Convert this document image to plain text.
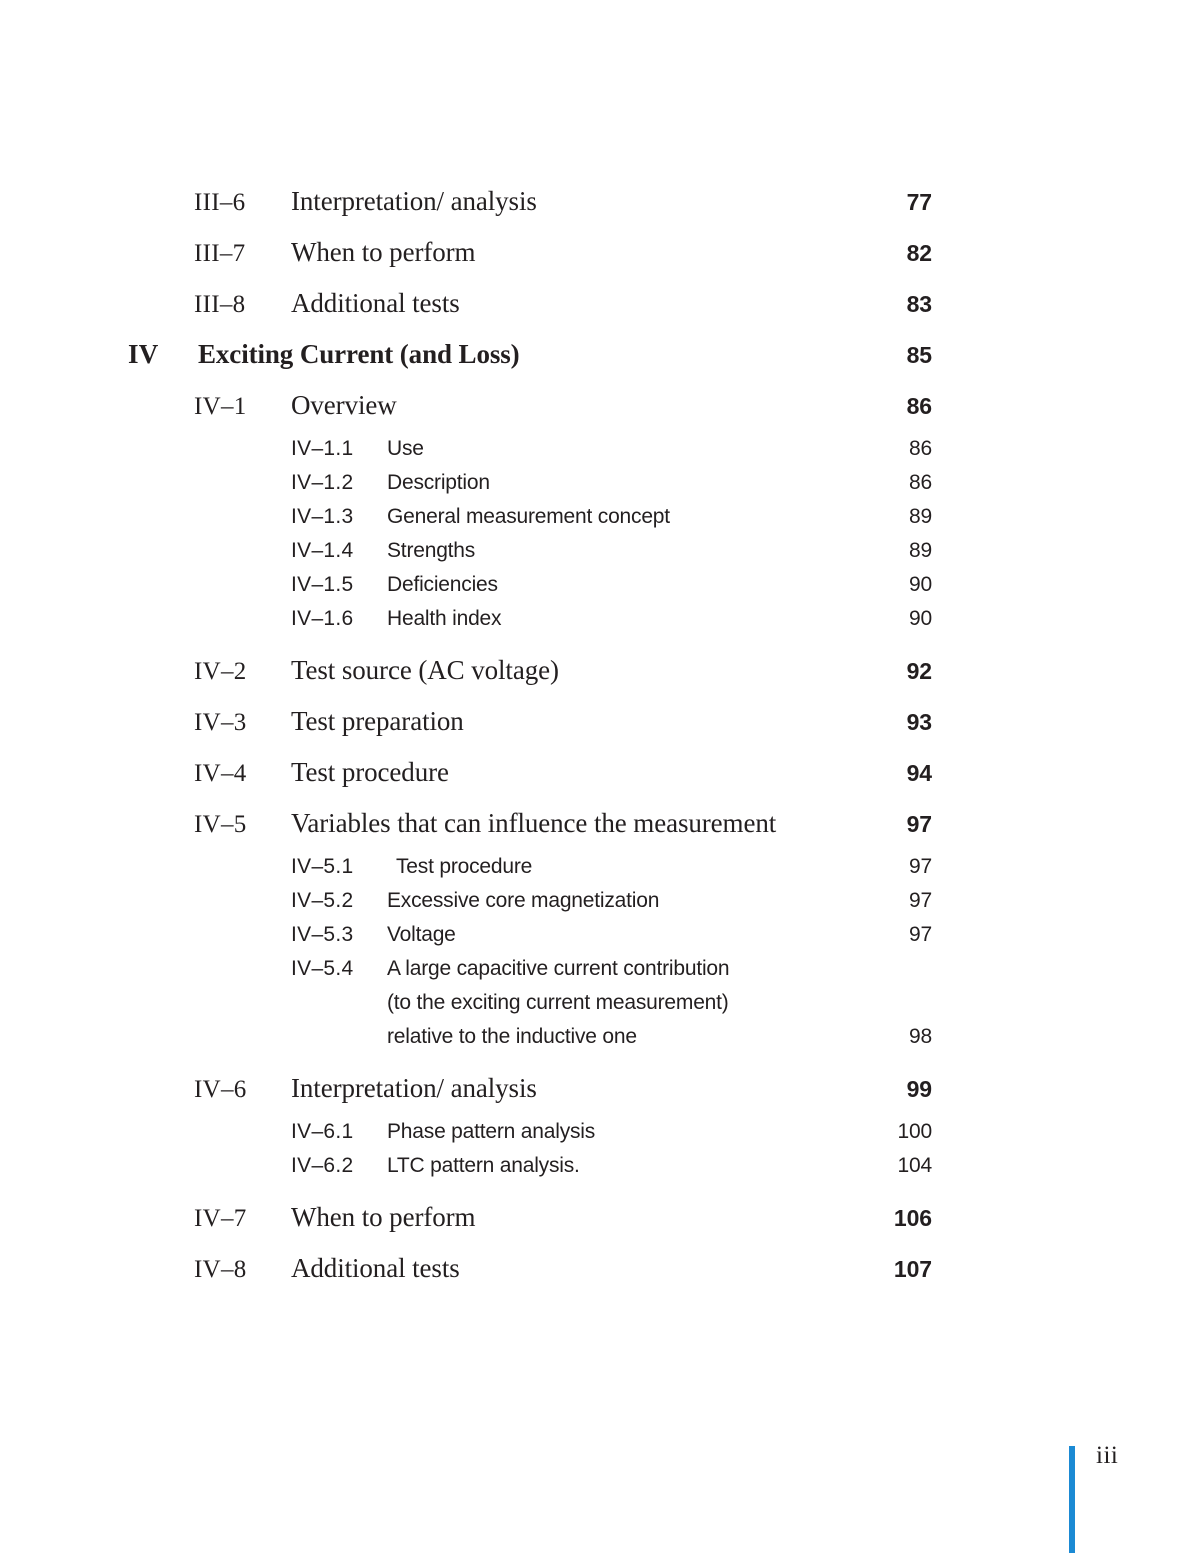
III–6	Interpretation/ analysis	77
III–7	When to perform	82
III–8	Additional tests	83
IV	Exciting Current (and Loss)	85
IV–1	Overview	86
IV–1.1	Use	86
IV–1.2	Description	86
IV–1.3	General measurement concept	89
IV–1.4	Strengths	89
IV–1.5	Deficiencies	90
IV–1.6	Health index	90
IV–2	Test source (AC voltage)	92
IV–3	Test preparation	93
IV–4	Test procedure	94
IV–5	Variables that can influence the measurement	97
IV–5.1	Test procedure	97
IV–5.2	Excessive core magnetization	97
IV–5.3	Voltage	97
IV–5.4	A large capacitive current contribution
(to the exciting current measurement)
relative to the inductive one	98
IV–6	Interpretation/ analysis	99
IV–6.1	Phase pattern analysis	100
IV–6.2	LTC pattern analysis.	104
IV–7	When to perform	106
IV–8	Additional tests	107
iii
